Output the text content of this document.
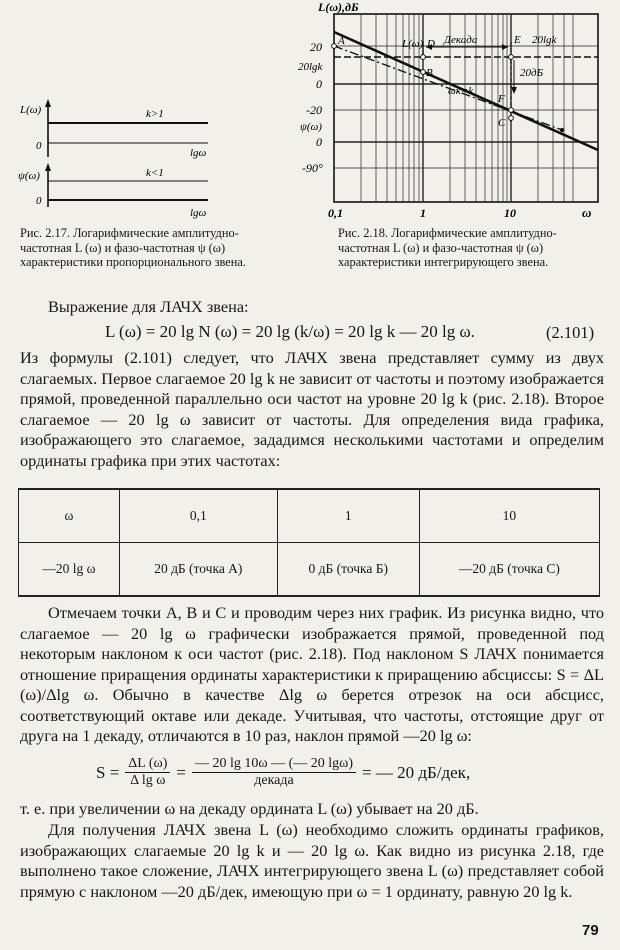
L(ω)	k>1
0
lgω
ψ(ω)	k<1
0
lgω
Рис. 2.17. Логарифмические амплитудно-частотная L (ω) и фазо-частотная ψ (ω) характеристики пропорционального звена.
L(ω),дБ
20
20lgk
0
-20
ψ(ω)
0
-90°
0,1	1	10	ω
A	L(ω) D Декада	E 20lgk
B	20дБ
ωк=k
F
C
Рис. 2.18. Логарифмические амплитудно-частотная L (ω) и фазо-частотная ψ (ω) характеристики интегрирующего звена.
Выражение для ЛАЧХ звена:
L (ω) = 20 lg N (ω) = 20 lg (k/ω) = 20 lg k — 20 lg ω.	(2.101)
Из формулы (2.101) следует, что ЛАЧХ звена представляет сумму из двух слагаемых. Первое слагаемое 20 lg k не зависит от частоты и поэтому изображается прямой, проведенной параллельно оси частот на уровне 20 lg k (рис. 2.18). Второе слагаемое — 20 lg ω зависит от частоты. Для определения вида графика, изображающего это слагаемое, зададимся несколькими частотами и определим ординаты графика при этих частотах:
ω	0,1	1	10
—20 lg ω	20 дБ (точка A)	0 дБ (точка Б)	—20 дБ (точка C)
Отмечаем точки A, B и C и проводим через них график. Из рисунка видно, что слагаемое — 20 lg ω графически изображается прямой, проведенной под некоторым наклоном к оси частот (рис. 2.18). Под наклоном S ЛАЧХ понимается отношение приращения ординаты характеристики к приращению абсциссы: S = ΔL (ω)/Δlg ω. Обычно в качестве Δlg ω берется отрезок на оси абсцисс, соответствующий октаве или декаде. Учитывая, что частоты, отстоящие друг от друга на 1 декаду, отличаются в 10 раз, наклон прямой —20 lg ω:
$S = \frac{\Delta L (\omega)}{\text{Δ lg ω}} = \frac{— 20 \lg 10\omega — (— 20 \lg\omega)}{\text{декада}}$ = — 20 дБ/дек,
т. е. при увеличении ω на декаду ордината L (ω) убывает на 20 дБ.
Для получения ЛАЧХ звена L (ω) необходимо сложить ординаты графиков, изображающих слагаемые 20 lg k и — 20 lg ω. Как видно из рисунка 2.18, где выполнено такое сложение, ЛАЧХ интегрирующего звена L (ω) представляет собой прямую с наклоном —20 дБ/дек, имеющую при ω = 1 ординату, равную 20 lg k.
79
